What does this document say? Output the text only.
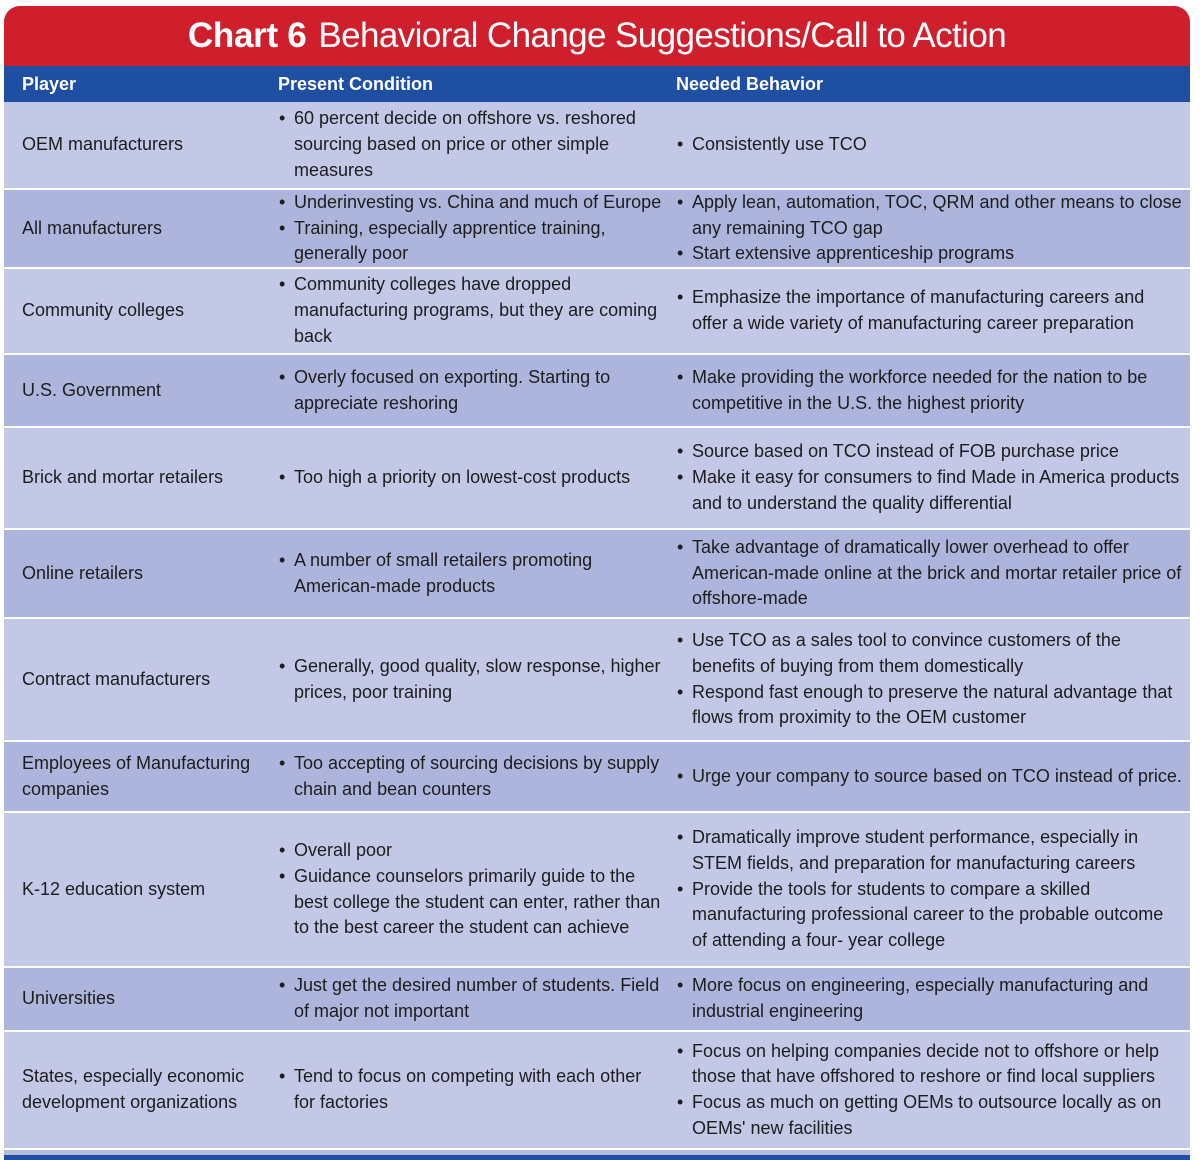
Chart 6 Behavioral Change Suggestions/Call to Action
Player	Present Condition	Needed Behavior
OEM manufacturers
• 60 percent decide on offshore vs. reshored sourcing based on price or other simple measures
• Consistently use TCO
All manufacturers
• Underinvesting vs. China and much of Europe
• Training, especially apprentice training, generally poor
• Apply lean, automation, TOC, QRM and other means to close any remaining TCO gap
• Start extensive apprenticeship programs
Community colleges
• Community colleges have dropped manufacturing programs, but they are coming back
• Emphasize the importance of manufacturing careers and offer a wide variety of manufacturing career preparation
U.S. Government
• Overly focused on exporting. Starting to appreciate reshoring
• Make providing the workforce needed for the nation to be competitive in the U.S. the highest priority
Brick and mortar retailers
•	Too high a priority on lowest-cost products
• Source based on TCO instead of FOB purchase price
• Make it easy for consumers to find Made in America products and to understand the quality differential
Online retailers
• A number of small retailers promoting American-made products
• Take advantage of dramatically lower overhead to offer American-made online at the brick and mortar retailer price of offshore-made
Contract manufacturers
• Generally, good quality, slow response, higher prices, poor training
• Use TCO as a sales tool to convince customers of the benefits of buying from them domestically
• Respond fast enough to preserve the natural advantage that flows from proximity to the OEM customer
Employees of Manufacturing companies
• Too accepting of sourcing decisions by supply chain and bean counters
• Urge your company to source based on TCO instead of price.
K-12 education system
• Overall poor
• Guidance counselors primarily guide to the best college the student can enter, rather than to the best career the student can achieve
• Dramatically improve student performance, especially in STEM fields, and preparation for manufacturing careers
• Provide the tools for students to compare a skilled manufacturing professional career to the probable outcome of attending a four- year college
Universities
• Just get the desired number of students. Field of major not important
• More focus on engineering, especially manufacturing and industrial engineering
States, especially economic development organizations
• Tend to focus on competing with each other for factories
• Focus on helping companies decide not to offshore or help those that have offshored to reshore or find local suppliers
• Focus as much on getting OEMs to outsource locally as on OEMs' new facilities
